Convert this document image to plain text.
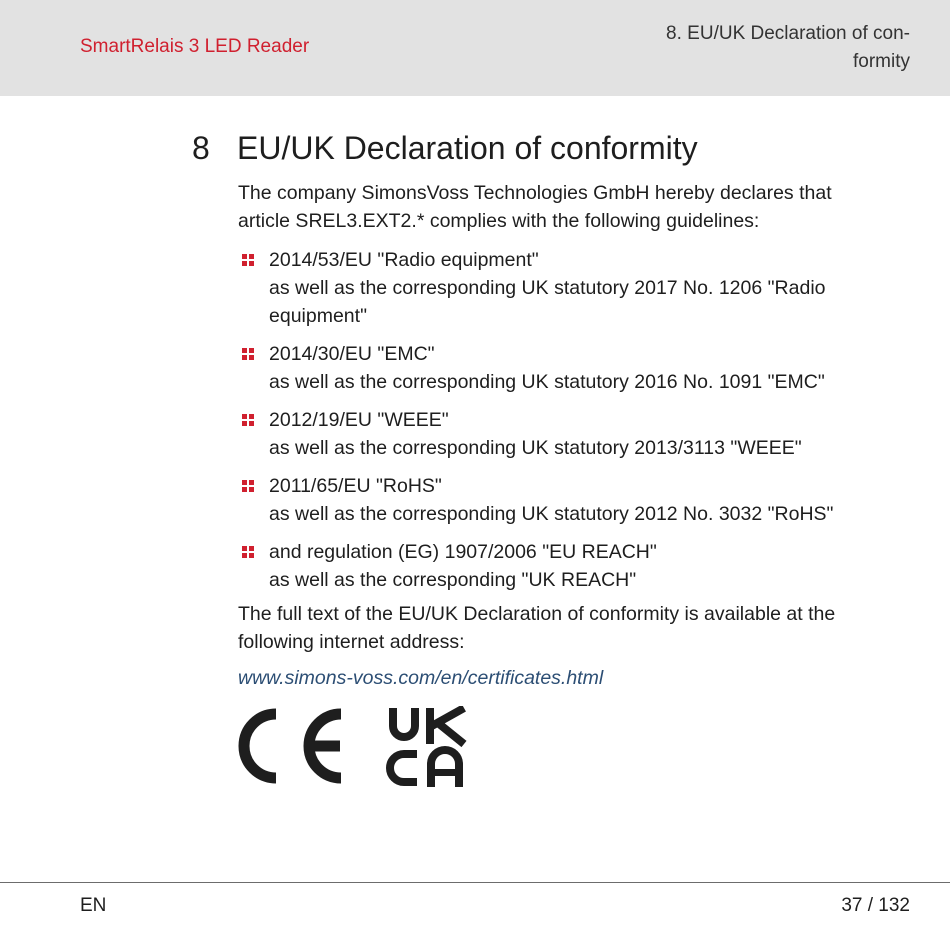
SmartRelais 3 LED Reader
8. EU/UK Declaration of con-
formity
8 EU/UK Declaration of conformity

The company SimonsVoss Technologies GmbH hereby declares that
article SREL3.EXT2.* complies with the following guidelines:

2014/53/EU "Radio equipment"
as well as the corresponding UK statutory 2017 No. 1206 "Radio
equipment"
2014/30/EU "EMC"
as well as the corresponding UK statutory 2016 No. 1091 "EMC"
2012/19/EU "WEEE"
as well as the corresponding UK statutory 2013/3113 "WEEE"
2011/65/EU "RoHS"
as well as the corresponding UK statutory 2012 No. 3032 "RoHS"
and regulation (EG) 1907/2006 "EU REACH"
as well as the corresponding "UK REACH"

The full text of the EU/UK Declaration of conformity is available at the
following internet address:

www.simons-voss.com/en/certificates.html
EN	37 / 132
